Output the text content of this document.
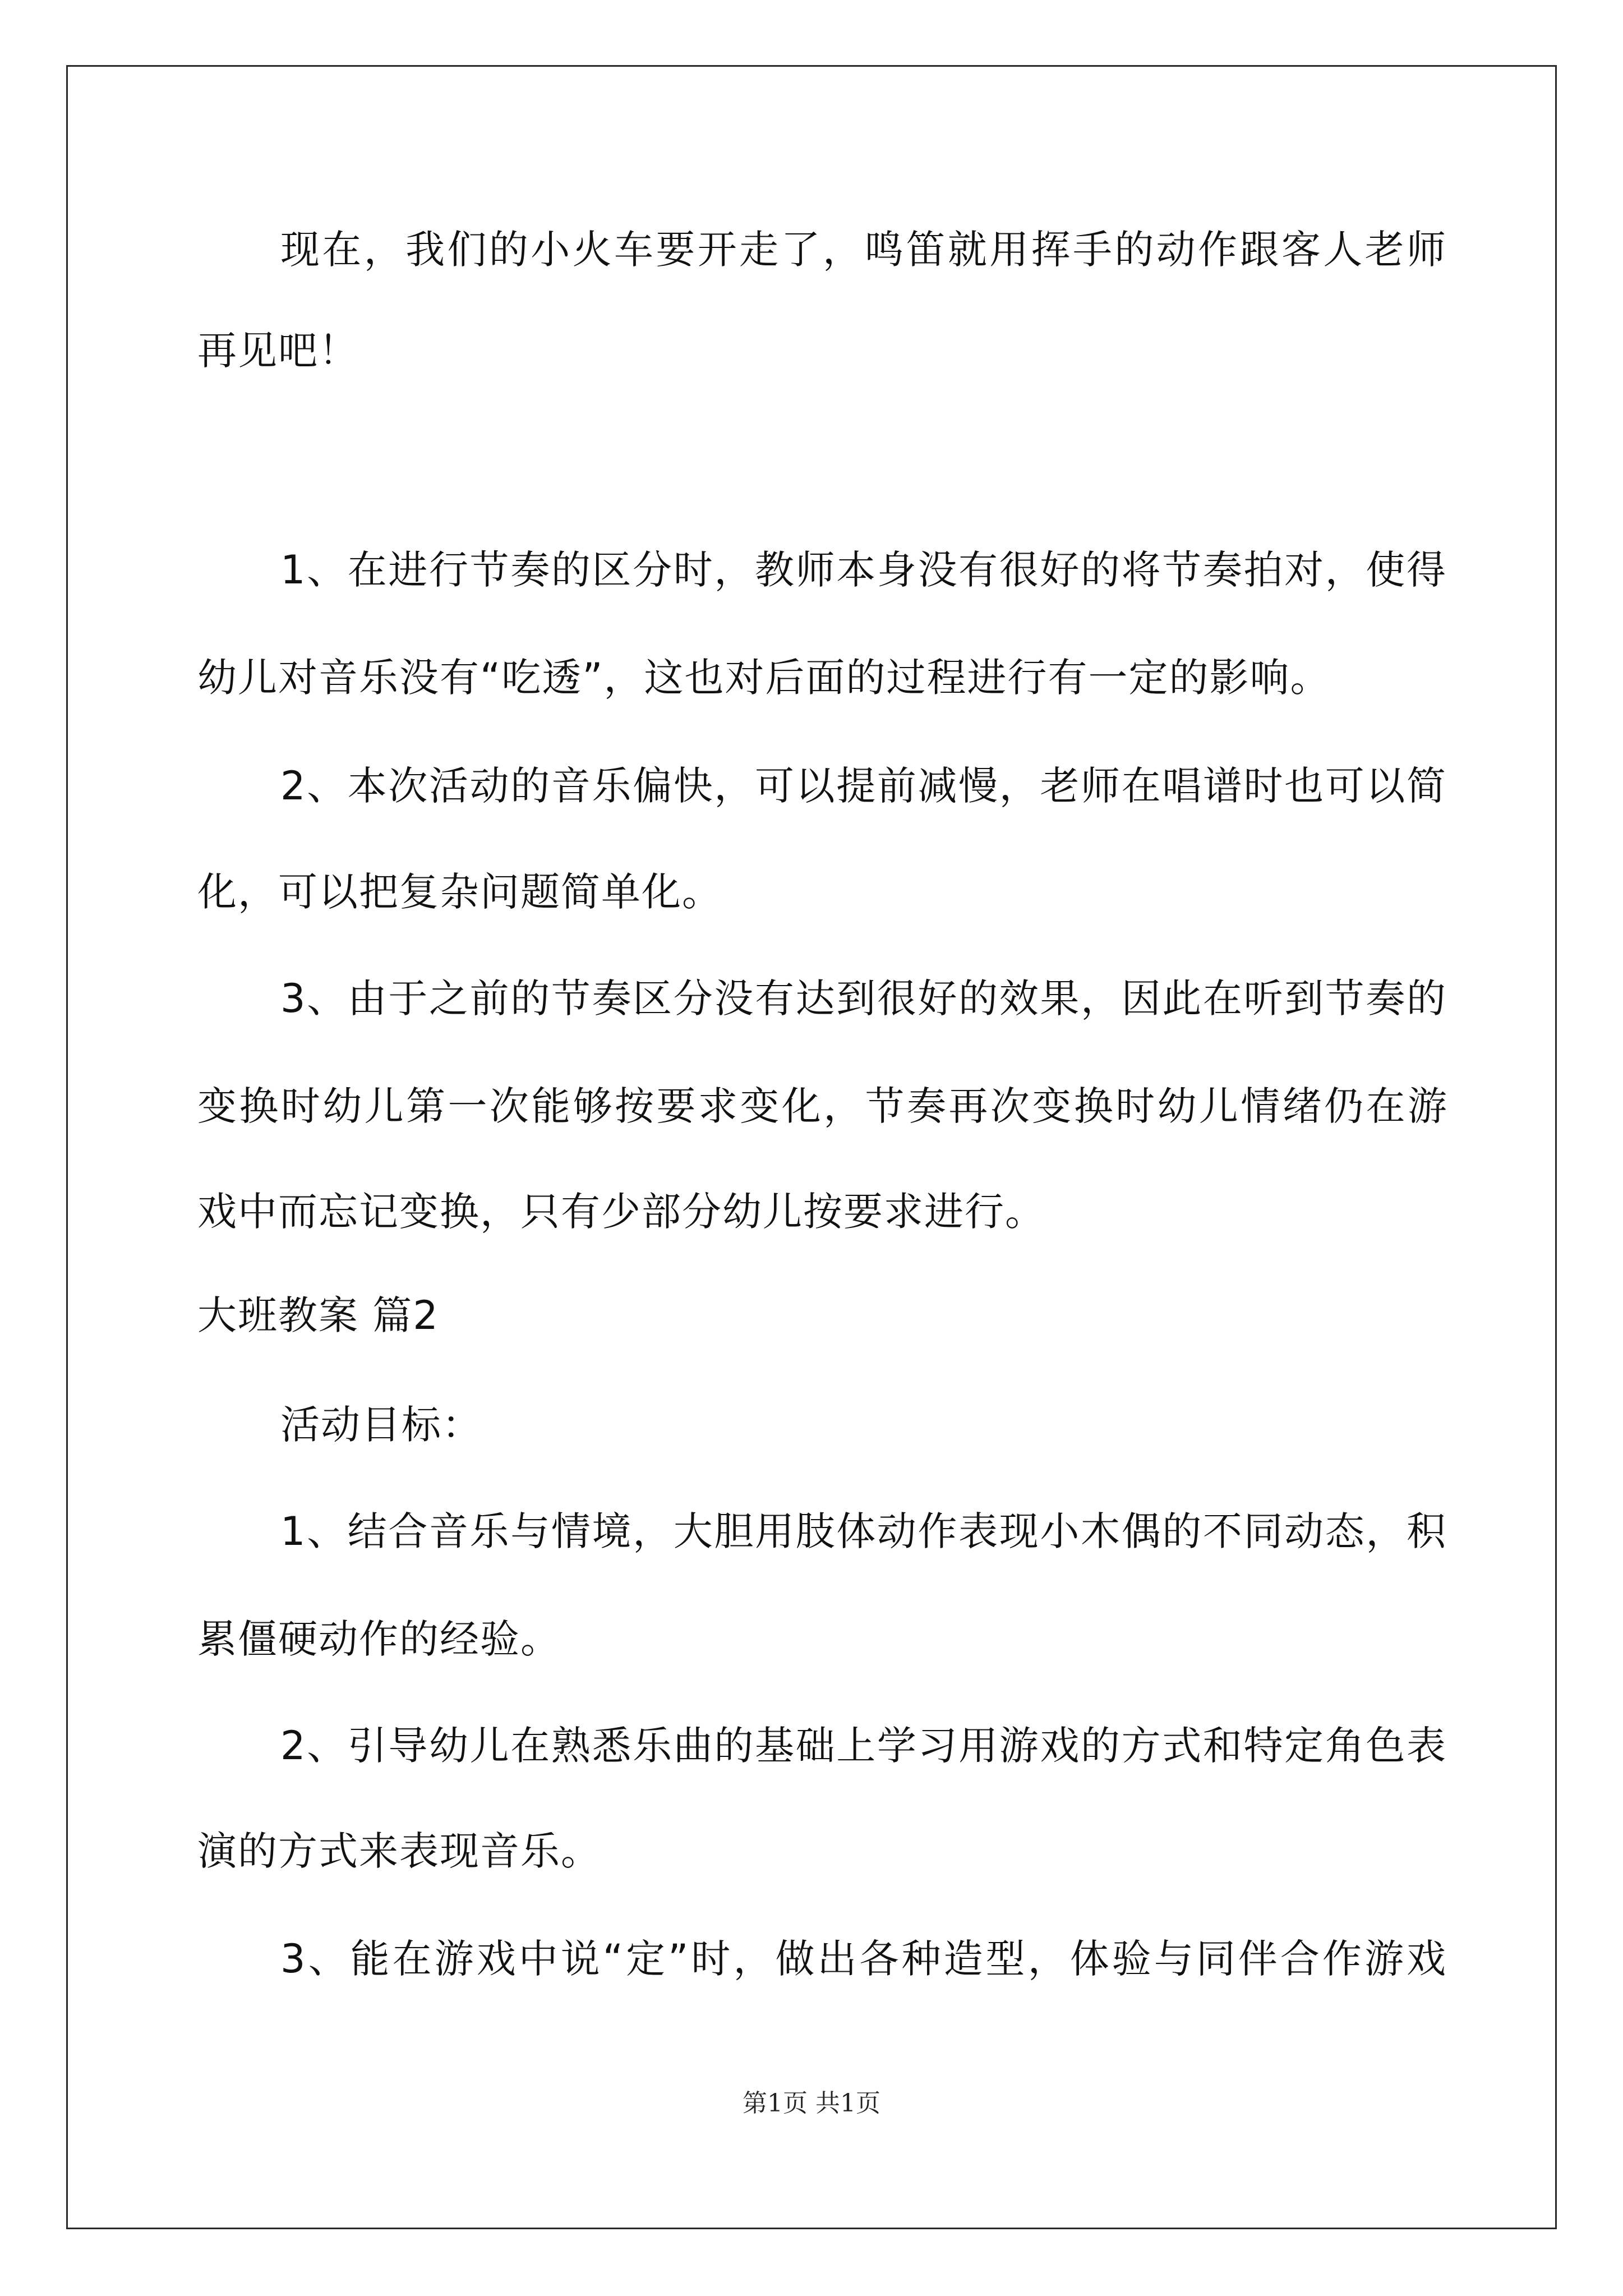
现在，我们的小火车要开走了，鸣笛就用挥手的动作跟客人老师
再见吧！
1、在进行节奏的区分时，教师本身没有很好的将节奏拍对，使得
幼儿对音乐没有“吃透”，这也对后面的过程进行有一定的影响。
2、本次活动的音乐偏快，可以提前减慢，老师在唱谱时也可以简
化，可以把复杂问题简单化。
3、由于之前的节奏区分没有达到很好的效果，因此在听到节奏的
变换时幼儿第一次能够按要求变化，节奏再次变换时幼儿情绪仍在游
戏中而忘记变换，只有少部分幼儿按要求进行。
大班教案 篇2
活动目标：
1、结合音乐与情境，大胆用肢体动作表现小木偶的不同动态，积
累僵硬动作的经验。
2、引导幼儿在熟悉乐曲的基础上学习用游戏的方式和特定角色表
演的方式来表现音乐。
3、能在游戏中说“定”时，做出各种造型，体验与同伴合作游戏
第1页 共1页
